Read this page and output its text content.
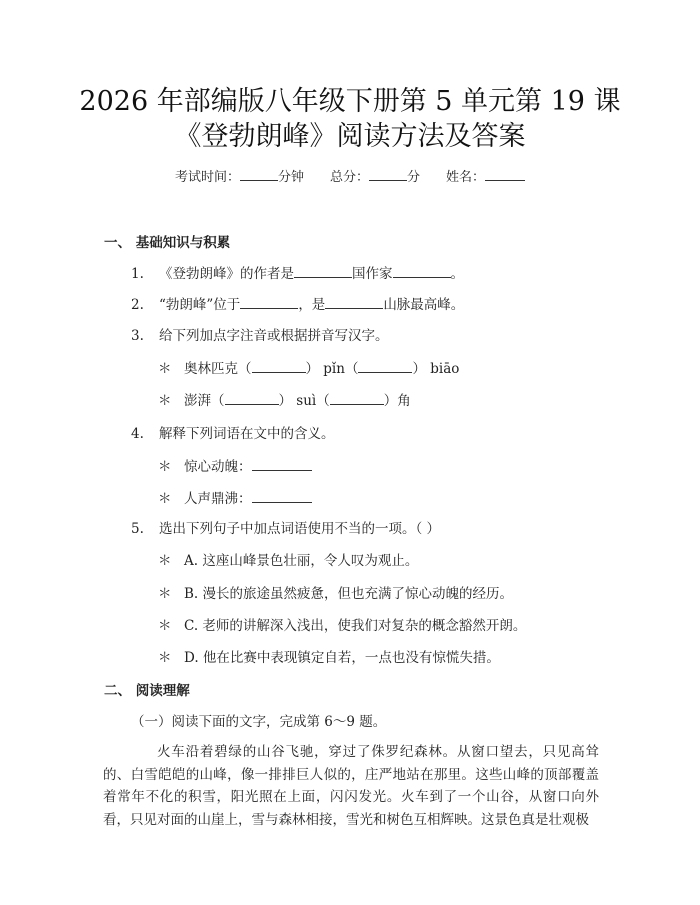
2026 年部编版八年级下册第 5 单元第 19 课
《登勃朗峰》阅读方法及答案
考试时间：	分钟 总分：	分 姓名：
一、 基础知识与积累
1. 《登勃朗峰》的作者是	国作家	。
2. “勃朗峰”位于	，是	山脉最高峰。
3. 给下列加点字注音或根据拼音写汉字。
＊ 奥林匹克（	） pǐn（	） biāo
＊ 澎湃（	） suì（	）角
4. 解释下列词语在文中的含义。
＊ 惊心动魄：
＊ 人声鼎沸：
5. 选出下列句子中加点词语使用不当的一项。（ ）
＊ A. 这座山峰景色壮丽，令人叹为观止。
＊ B. 漫长的旅途虽然疲惫，但也充满了惊心动魄的经历。
＊ C. 老师的讲解深入浅出，使我们对复杂的概念豁然开朗。
＊ D. 他在比赛中表现镇定自若，一点也没有惊慌失措。
二、 阅读理解
（一）阅读下面的文字，完成第 6～9 题。
火车沿着碧绿的山谷飞驰，穿过了侏罗纪森林。从窗口望去，只见高耸的、白雪皑皑的山峰，像一排排巨人似的，庄严地站在那里。这些山峰的顶部覆盖着常年不化的积雪，阳光照在上面，闪闪发光。火车到了一个山谷，从窗口向外看，只见对面的山崖上，雪与森林相接，雪光和树色互相辉映。这景色真是壮观极
